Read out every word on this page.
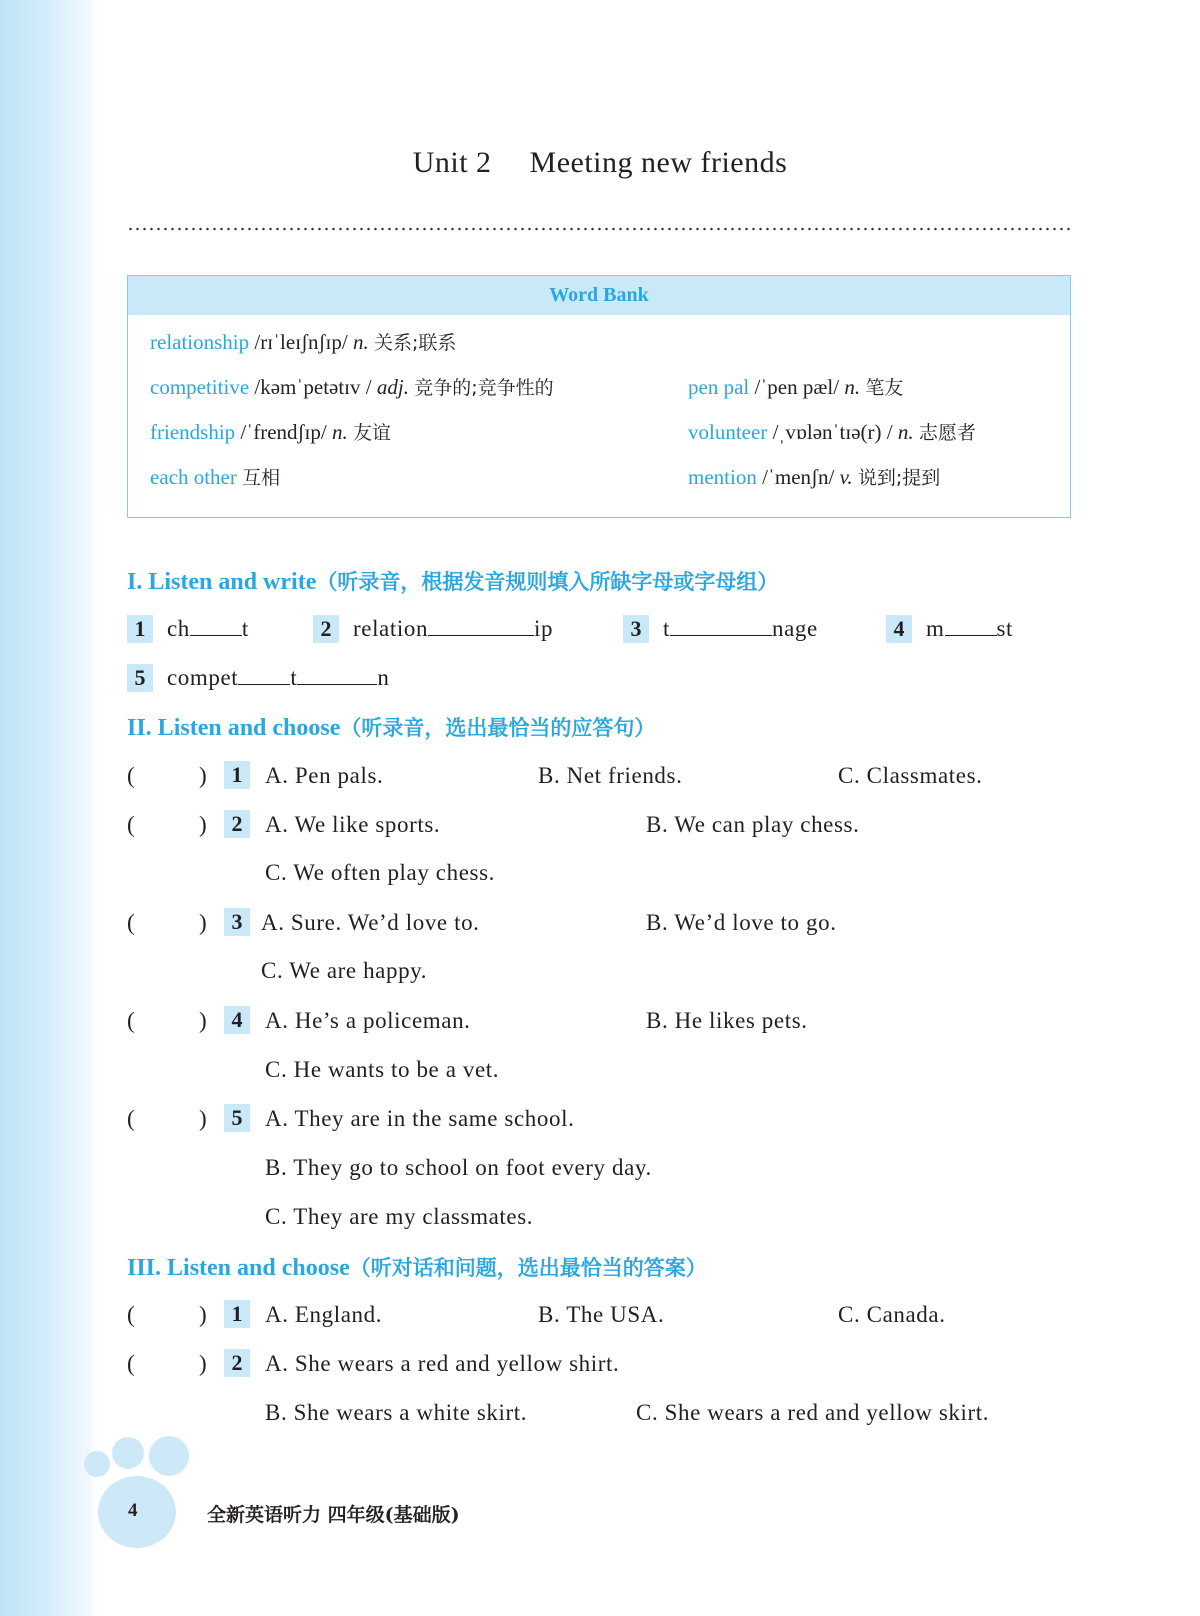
Unit 2 Meeting new friends
Word Bank
relationship /rɪˈleɪʃnʃɪp/ n. 关系;联系
competitive /kəmˈpetətɪv / adj. 竞争的;竞争性的	pen pal /ˈpen pæl/ n. 笔友
friendship /ˈfrendʃɪp/ n. 友谊	volunteer /ˌvɒlənˈtɪə(r) / n. 志愿者
each other 互相	mention /ˈmenʃn/ v. 说到;提到
I. Listen and write（听录音，根据发音规则填入所缺字母或字母组）
1 ch t	2 relation	ip	3 t	nage	4 m st
5 compet t	n
II. Listen and choose（听录音，选出最恰当的应答句）
(	)	1 A. Pen pals.	B. Net friends.	C. Classmates.
(	)	2 A. We like sports.	B. We can play chess.
C. We often play chess.
(	)	3 A. Sure. We’d love to.	B. We’d love to go.
C. We are happy.
(	)	4 A. He’s a policeman.	B. He likes pets.
C. He wants to be a vet.
(	)	5 A. They are in the same school.
B. They go to school on foot every day.
C. They are my classmates.
III. Listen and choose（听对话和问题，选出最恰当的答案）
(	)	1 A. England.	B. The USA.	C. Canada.
(	)	2 A. She wears a red and yellow shirt.
B. She wears a white skirt.	C. She wears a red and yellow skirt.
4	全新英语听力 四年级(基础版)
